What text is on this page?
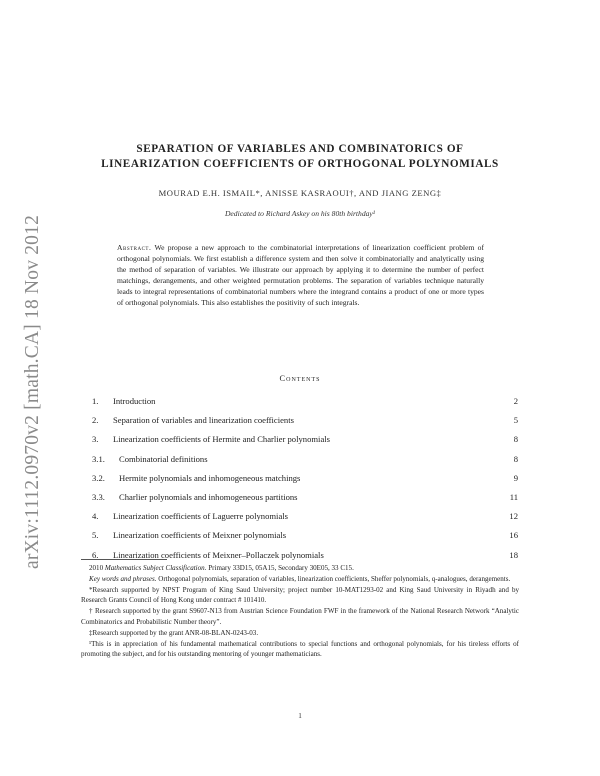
arXiv:1112.0970v2 [math.CA] 18 Nov 2012
SEPARATION OF VARIABLES AND COMBINATORICS OF
LINEARIZATION COEFFICIENTS OF ORTHOGONAL POLYNOMIALS
MOURAD E.H. ISMAIL*, ANISSE KASRAOUI†, AND JIANG ZENG‡
Dedicated to Richard Askey on his 80th birthday¹
Abstract. We propose a new approach to the combinatorial interpretations of linearization coefficient problem of orthogonal polynomials. We first establish a difference system and then solve it combinatorially and analytically using the method of separation of variables. We illustrate our approach by applying it to determine the number of perfect matchings, derangements, and other weighted permutation problems. The separation of variables technique naturally leads to integral representations of combinatorial numbers where the integrand contains a product of one or more types of orthogonal polynomials. This also establishes the positivity of such integrals.
Contents
1. Introduction	2
2. Separation of variables and linearization coefficients	5
3. Linearization coefficients of Hermite and Charlier polynomials	8
3.1. Combinatorial definitions	8
3.2. Hermite polynomials and inhomogeneous matchings	9
3.3. Charlier polynomials and inhomogeneous partitions	11
4. Linearization coefficients of Laguerre polynomials	12
5. Linearization coefficients of Meixner polynomials	16
6. Linearization coefficients of Meixner–Pollaczek polynomials	18

2010 Mathematics Subject Classification. Primary 33D15, 05A15, Secondary 30E05, 33 C15.

Key words and phrases. Orthogonal polynomials, separation of variables, linearization coefficients, Sheffer polynomials, q-analogues, derangements.

*Research supported by NPST Program of King Saud University; project number 10-MAT1293-02 and King Saud University in Riyadh and by Research Grants Council of Hong Kong under contract # 101410.

† Research supported by the grant S9607-N13 from Austrian Science Foundation FWF in the framework of the National Research Network “Analytic Combinatorics and Probabilistic Number theory”.

‡Research supported by the grant ANR-08-BLAN-0243-03.

¹This is in appreciation of his fundamental mathematical contributions to special functions and orthogonal polynomials, for his tireless efforts of promoting the subject, and for his outstanding mentoring of younger mathematicians.

1
